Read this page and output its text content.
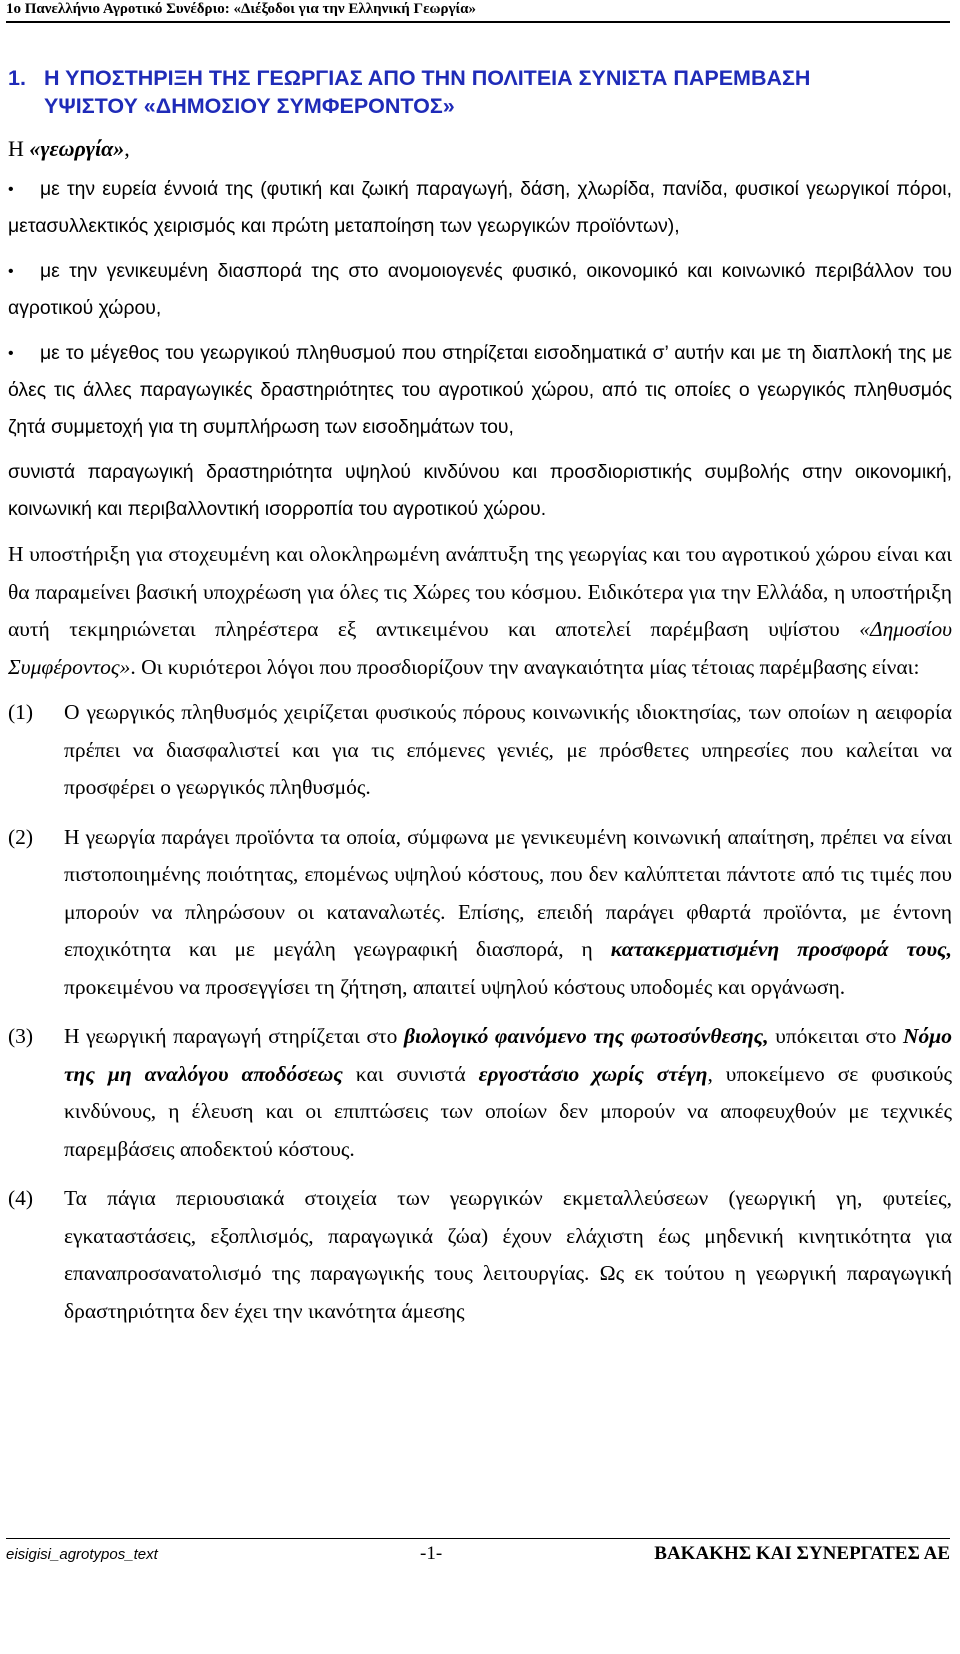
1ο Πανελλήνιο Αγροτικό Συνέδριο: «Διέξοδοι για την Ελληνική Γεωργία»
1. Η ΥΠΟΣΤΗΡΙΞΗ ΤΗΣ ΓΕΩΡΓΙΑΣ ΑΠΟ ΤΗΝ ΠΟΛΙΤΕΙΑ ΣΥΝΙΣΤΑ ΠΑΡΕΜΒΑΣΗ
ΥΨΙΣΤΟΥ «ΔΗΜΟΣΙΟΥ ΣΥΜΦΕΡΟΝΤΟΣ»

Η «γεωργία»,

• με την ευρεία έννοιά της (φυτική και ζωική παραγωγή, δάση, χλωρίδα, πανίδα, φυσικοί γεωργικοί πόροι, μετασυλλεκτικός χειρισμός και πρώτη μεταποίηση των γεωργικών προϊόντων),
• με την γενικευμένη διασπορά της στο ανομοιογενές φυσικό, οικονομικό και κοινωνικό περιβάλλον του αγροτικού χώρου,
• με το μέγεθος του γεωργικού πληθυσμού που στηρίζεται εισοδηματικά σ’ αυτήν και με τη διαπλοκή της με όλες τις άλλες παραγωγικές δραστηριότητες του αγροτικού χώρου, από τις οποίες ο γεωργικός πληθυσμός ζητά συμμετοχή για τη συμπλήρωση των εισοδημάτων του,

συνιστά παραγωγική δραστηριότητα υψηλού κινδύνου και προσδιοριστικής συμβολής στην οικονομική, κοινωνική και περιβαλλοντική ισορροπία του αγροτικού χώρου.

Η υποστήριξη για στοχευμένη και ολοκληρωμένη ανάπτυξη της γεωργίας και του αγροτικού χώρου είναι και θα παραμείνει βασική υποχρέωση για όλες τις Χώρες του κόσμου. Ειδικότερα για την Ελλάδα, η υποστήριξη αυτή τεκμηριώνεται πληρέστερα εξ αντικειμένου και αποτελεί παρέμβαση υψίστου «Δημοσίου Συμφέροντος». Οι κυριότεροι λόγοι που προσδιορίζουν την αναγκαιότητα μίας τέτοιας παρέμβασης είναι:

(1) Ο γεωργικός πληθυσμός χειρίζεται φυσικούς πόρους κοινωνικής ιδιοκτησίας, των οποίων η αειφορία πρέπει να διασφαλιστεί και για τις επόμενες γενιές, με πρόσθετες υπηρεσίες που καλείται να προσφέρει ο γεωργικός πληθυσμός.
(2) Η γεωργία παράγει προϊόντα τα οποία, σύμφωνα με γενικευμένη κοινωνική απαίτηση, πρέπει να είναι πιστοποιημένης ποιότητας, επομένως υψηλού κόστους, που δεν καλύπτεται πάντοτε από τις τιμές που μπορούν να πληρώσουν οι καταναλωτές. Επίσης, επειδή παράγει φθαρτά προϊόντα, με έντονη εποχικότητα και με μεγάλη γεωγραφική διασπορά, η κατακερματισμένη προσφορά τους, προκειμένου να προσεγγίσει τη ζήτηση, απαιτεί υψηλού κόστους υποδομές και οργάνωση.
(3) Η γεωργική παραγωγή στηρίζεται στο βιολογικό φαινόμενο της φωτοσύνθεσης, υπόκειται στο Νόμο της μη αναλόγου αποδόσεως και συνιστά εργοστάσιο χωρίς στέγη, υποκείμενο σε φυσικούς κινδύνους, η έλευση και οι επιπτώσεις των οποίων δεν μπορούν να αποφευχθούν με τεχνικές παρεμβάσεις αποδεκτού κόστους.
(4) Τα πάγια περιουσιακά στοιχεία των γεωργικών εκμεταλλεύσεων (γεωργική γη, φυτείες, εγκαταστάσεις, εξοπλισμός, παραγωγικά ζώα) έχουν ελάχιστη έως μηδενική κινητικότητα για επαναπροσανατολισμό της παραγωγικής τους λειτουργίας. Ως εκ τούτου η γεωργική παραγωγική δραστηριότητα δεν έχει την ικανότητα άμεσης
eisigisi_agrotypos_text	-1-	ΒΑΚΑΚΗΣ ΚΑΙ ΣΥΝΕΡΓΑΤΕΣ ΑΕ
